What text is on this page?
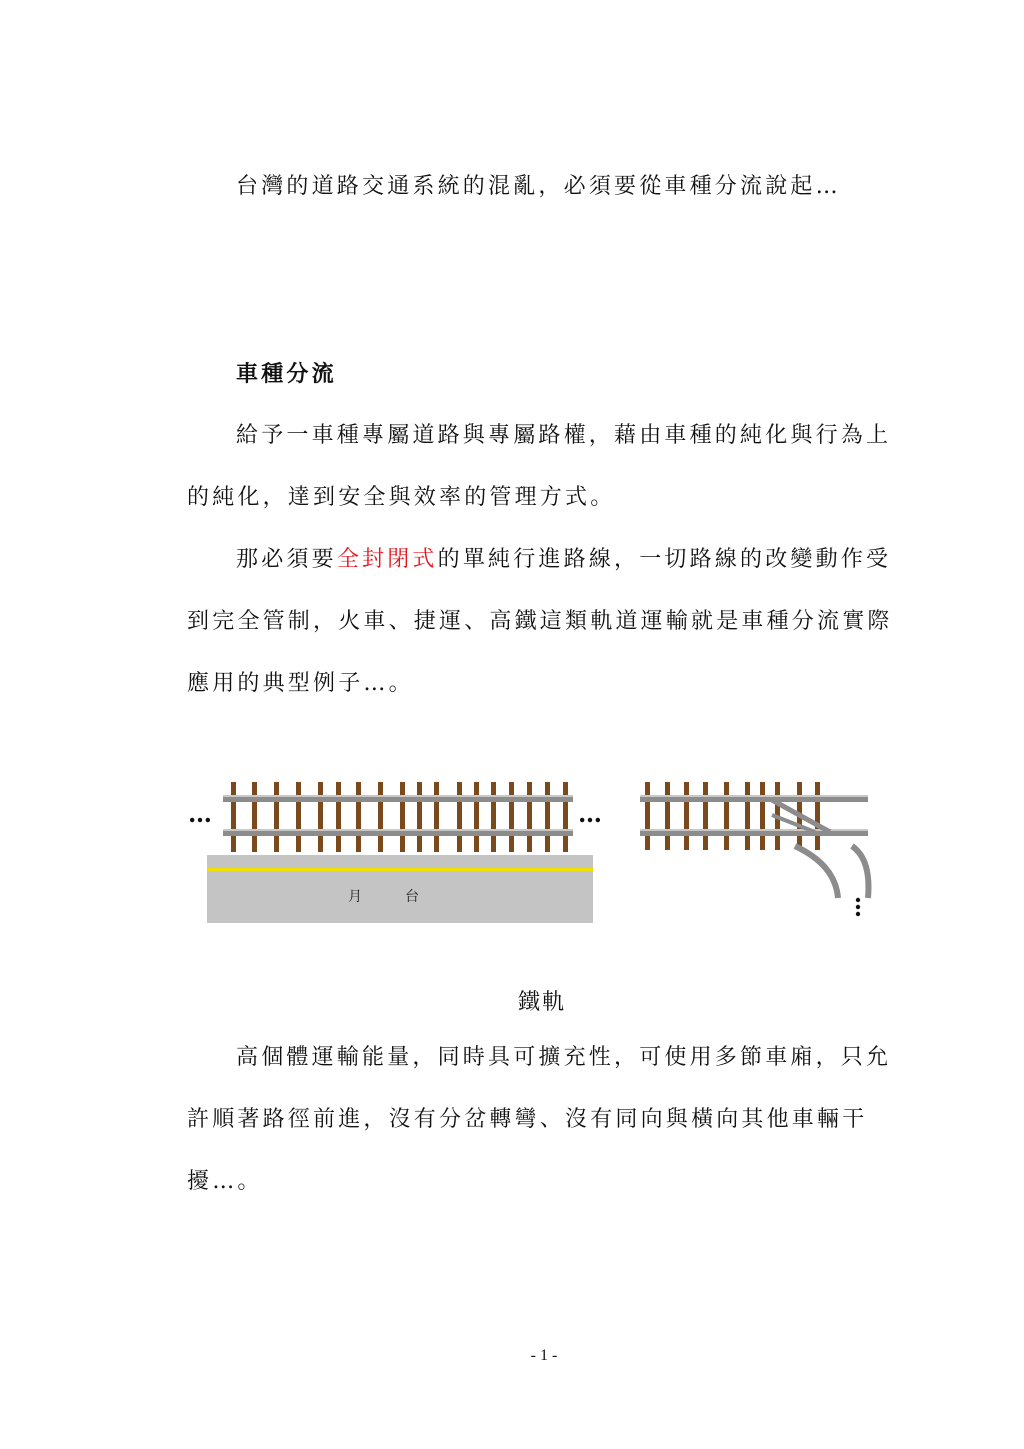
台灣的道路交通系統的混亂，必須要從車種分流說起…
車種分流
給予一車種專屬道路與專屬路權，藉由車種的純化與行為上
的純化，達到安全與效率的管理方式。
那必須要全封閉式的單純行進路線，一切路線的改變動作受
到完全管制，火車、捷運、高鐵這類軌道運輸就是車種分流實際
應用的典型例子…。
月	台
…	…
鐵軌
高個體運輸能量，同時具可擴充性，可使用多節車廂，只允
許順著路徑前進，沒有分岔轉彎、沒有同向與橫向其他車輛干
擾…。
- 1 -
